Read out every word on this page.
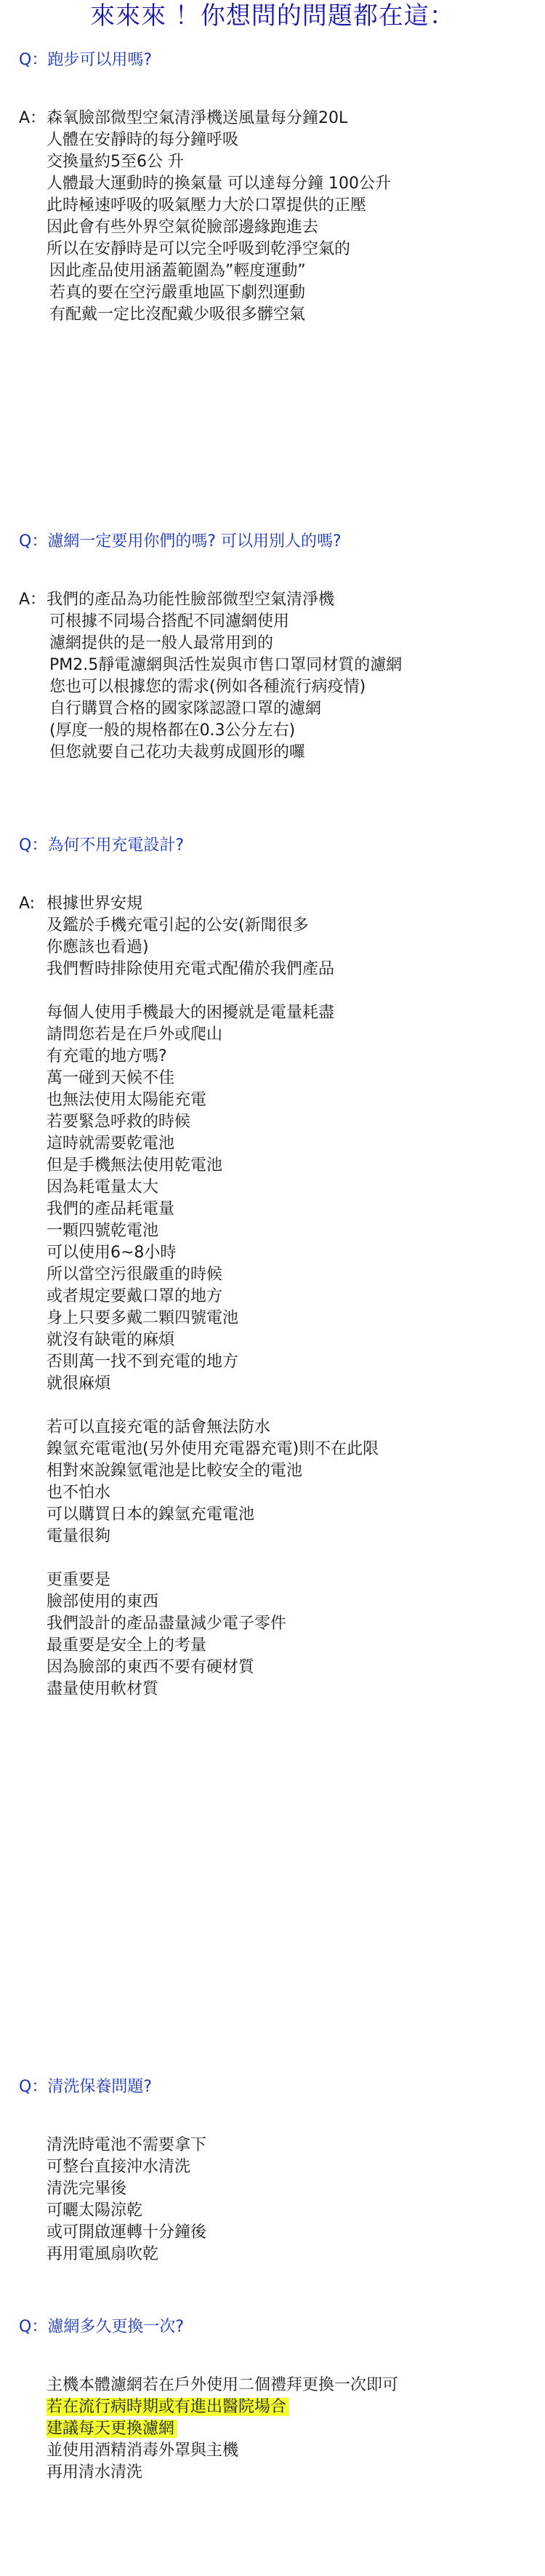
來來來 ！你想問的問題都在這：
Q：跑步可以用嗎?
A： 森氧臉部微型空氣清淨機送風量每分鐘20L
人體在安靜時的每分鐘呼吸
交換量約5至6公 升
人體最大運動時的換氣量 可以達每分鐘 100公升
此時極速呼吸的吸氣壓力大於口罩提供的正壓
因此會有些外界空氣從臉部邊緣跑進去
所以在安靜時是可以完全呼吸到乾淨空氣的
因此產品使用涵蓋範圍為”輕度運動”
若真的要在空污嚴重地區下劇烈運動
有配戴一定比沒配戴少吸很多髒空氣
Q：濾網一定要用你們的嗎? 可以用別人的嗎?
A： 我們的產品為功能性臉部微型空氣清淨機
可根據不同場合搭配不同濾網使用
濾網提供的是一般人最常用到的
PM2.5靜電濾網與活性炭與市售口罩同材質的濾網
您也可以根據您的需求(例如各種流行病疫情)
自行購買合格的國家隊認證口罩的濾網
(厚度一般的規格都在0.3公分左右)
但您就要自己花功夫裁剪成圓形的囉
Q：為何不用充電設計?
A: 根據世界安規
及鑑於手機充電引起的公安(新聞很多
你應該也看過)
我們暫時排除使用充電式配備於我們產品
每個人使用手機最大的困擾就是電量耗盡
請問您若是在戶外或爬山
有充電的地方嗎?
萬一碰到天候不佳
也無法使用太陽能充電
若要緊急呼救的時候
這時就需要乾電池
但是手機無法使用乾電池
因為耗電量太大
我們的產品耗電量
一顆四號乾電池
可以使用6~8小時
所以當空污很嚴重的時候
或者規定要戴口罩的地方
身上只要多戴二顆四號電池
就沒有缺電的麻煩
否則萬一找不到充電的地方
就很麻煩
若可以直接充電的話會無法防水
鎳氫充電電池(另外使用充電器充電)則不在此限
相對來說鎳氫電池是比較安全的電池
也不怕水
可以購買日本的鎳氫充電電池
電量很夠
更重要是
臉部使用的東西
我們設計的產品盡量減少電子零件
最重要是安全上的考量
因為臉部的東西不要有硬材質
盡量使用軟材質
Q：清洗保養問題?
清洗時電池不需要拿下
可整台直接沖水清洗
清洗完畢後
可曬太陽涼乾
或可開啟運轉十分鐘後
再用電風扇吹乾
Q：濾網多久更換一次?
主機本體濾網若在戶外使用二個禮拜更換一次即可
若在流行病時期或有進出醫院場合
建議每天更換濾網
並使用酒精消毒外罩與主機
再用清水清洗
